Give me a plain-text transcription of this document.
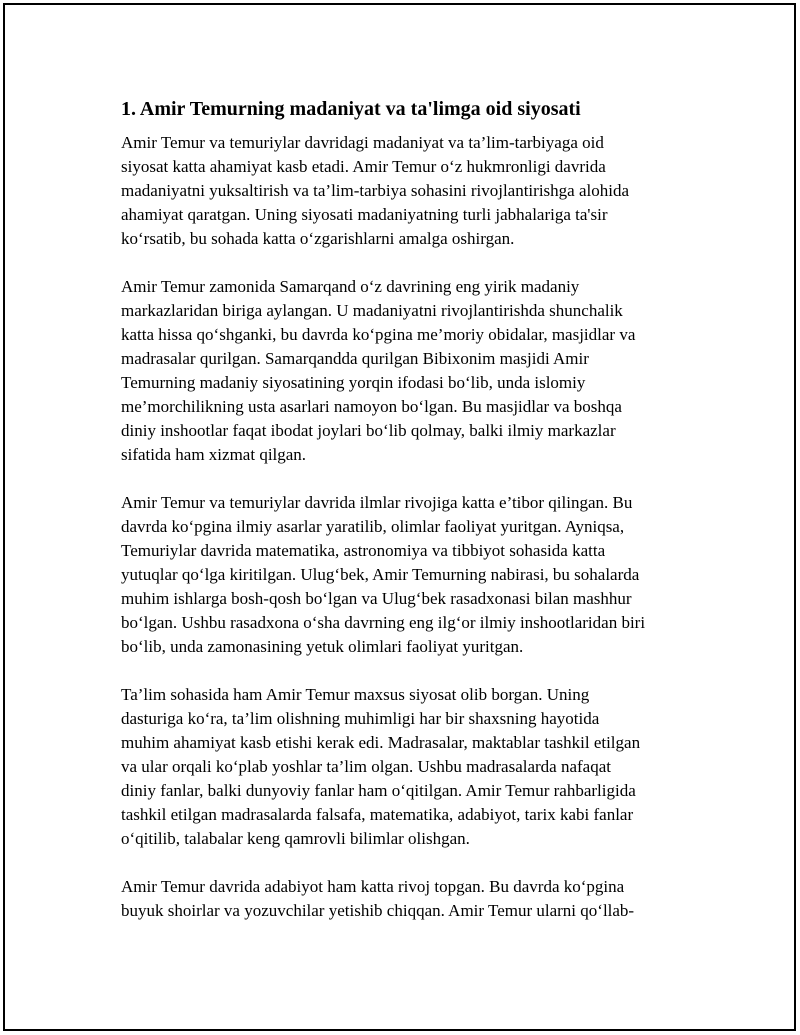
1. Amir Temurning madaniyat va ta'limga oid siyosati

Amir Temur va temuriylar davridagi madaniyat va ta’lim-tarbiyaga oid
siyosat katta ahamiyat kasb etadi. Amir Temur o‘z hukmronligi davrida
madaniyatni yuksaltirish va ta’lim-tarbiya sohasini rivojlantirishga alohida
ahamiyat qaratgan. Uning siyosati madaniyatning turli jabhalariga ta'sir
ko‘rsatib, bu sohada katta o‘zgarishlarni amalga oshirgan.

Amir Temur zamonida Samarqand o‘z davrining eng yirik madaniy
markazlaridan biriga aylangan. U madaniyatni rivojlantirishda shunchalik
katta hissa qo‘shganki, bu davrda ko‘pgina me’moriy obidalar, masjidlar va
madrasalar qurilgan. Samarqandda qurilgan Bibixonim masjidi Amir
Temurning madaniy siyosatining yorqin ifodasi bo‘lib, unda islomiy
me’morchilikning usta asarlari namoyon bo‘lgan. Bu masjidlar va boshqa
diniy inshootlar faqat ibodat joylari bo‘lib qolmay, balki ilmiy markazlar
sifatida ham xizmat qilgan.

Amir Temur va temuriylar davrida ilmlar rivojiga katta e’tibor qilingan. Bu
davrda ko‘pgina ilmiy asarlar yaratilib, olimlar faoliyat yuritgan. Ayniqsa,
Temuriylar davrida matematika, astronomiya va tibbiyot sohasida katta
yutuqlar qo‘lga kiritilgan. Ulug‘bek, Amir Temurning nabirasi, bu sohalarda
muhim ishlarga bosh-qosh bo‘lgan va Ulug‘bek rasadxonasi bilan mashhur
bo‘lgan. Ushbu rasadxona o‘sha davrning eng ilg‘or ilmiy inshootlaridan biri
bo‘lib, unda zamonasining yetuk olimlari faoliyat yuritgan.

Ta’lim sohasida ham Amir Temur maxsus siyosat olib borgan. Uning
dasturiga ko‘ra, ta’lim olishning muhimligi har bir shaxsning hayotida
muhim ahamiyat kasb etishi kerak edi. Madrasalar, maktablar tashkil etilgan
va ular orqali ko‘plab yoshlar ta’lim olgan. Ushbu madrasalarda nafaqat
diniy fanlar, balki dunyoviy fanlar ham o‘qitilgan. Amir Temur rahbarligida
tashkil etilgan madrasalarda falsafa, matematika, adabiyot, tarix kabi fanlar
o‘qitilib, talabalar keng qamrovli bilimlar olishgan.

Amir Temur davrida adabiyot ham katta rivoj topgan. Bu davrda ko‘pgina
buyuk shoirlar va yozuvchilar yetishib chiqqan. Amir Temur ularni qo‘llab-
